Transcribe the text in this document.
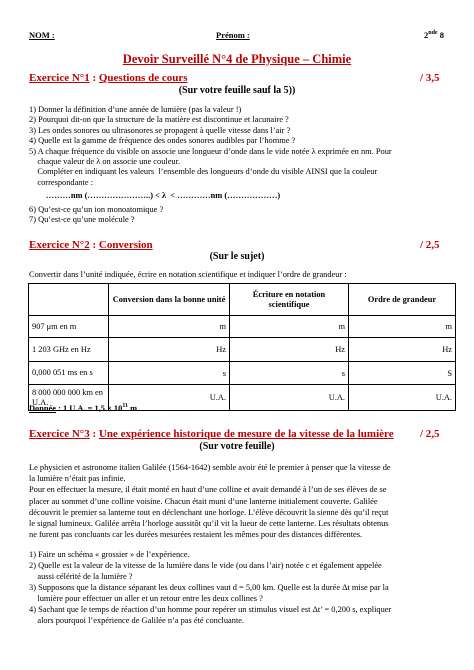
NOM :	Prénom :	2nde 8
Devoir Surveillé N°4 de Physique – Chimie
Exercice N°1 : Questions de cours	/ 3,5
(Sur votre feuille sauf la 5))
1) Donner la définition d’une année de lumière (pas la valeur !)
2) Pourquoi dit-on que la structure de la matière est discontinue et lacunaire ?
3) Les ondes sonores ou ultrasonores se propagent à quelle vitesse dans l’air ?
4) Quelle est la gamme de fréquence des ondes sonores audibles par l’homme ?
5) A chaque fréquence du visible on associe une longueur d’onde dans le vide notée λ exprimée en nm. Pour
chaque valeur de λ on associe une couleur.
Compléter en indiquant les valeurs  l’ensemble des longueurs d’onde du visible AINSI que la couleur
correspondante :
………nm (…………………..) < λ  < …………nm (………………)
6) Qu’est-ce qu’un ion monoatomique ?
7) Qu’est-ce qu’une molécule ?
Exercice N°2 : Conversion	/ 2,5
(Sur le sujet)
Convertir dans l’unité indiquée, écrire en notation scientifique et indiquer l’ordre de grandeur :
	Conversion dans la bonne unité	Écriture en notation scientifique	Ordre de grandeur
907 μm en m	m	m	m
1 203 GHz en Hz	Hz	Hz	Hz
0,000 051 ms en s	s	s	S
8 000 000 000 km en U.A.	U.A.	U.A.	U.A.
Donnée : 1 U.A. = $1,5 \times 10^{11}$ m
Exercice N°3 : Une expérience historique de mesure de la vitesse de la lumière / 2,5
(Sur votre feuille)
Le physicien et astronome italien Galilée (1564-1642) semble avoir été le premier à penser que la vitesse de
la lumière n’était pas infinie.
Pour en effectuer la mesure, il était monté en haut d’une colline et avait demandé à l’un de ses élèves de se
placer au sommet d’une colline voisine. Chacun était muni d’une lanterne initialement couverte. Galilée
découvrit le premier sa lanterne tout en déclenchant une horloge. L’élève découvrit la sienne dès qu’il reçut
le signal lumineux. Galilée arrêta l’horloge aussitôt qu’il vit la lueur de cette lanterne. Les résultats obtenus
ne furent pas concluants car les durées mesurées restaient les mêmes pour des distances différentes.
1) Faire un schéma « grossier » de l’expérience.
2) Quelle est la valeur de la vitesse de la lumière dans le vide (ou dans l’air) notée c et également appelée
aussi célérité de la lumière ?
3) Supposons que la distance séparant les deux collines vaut d = 5,00 km. Quelle est la durée Δt mise par la
lumière pour effectuer un aller et un retour entre les deux collines ?
4) Sachant que le temps de réaction d’un homme pour repérer un stimulus visuel est Δt’ = 0,200 s, expliquer
alors pourquoi l’expérience de Galilée n’a pas été concluante.
